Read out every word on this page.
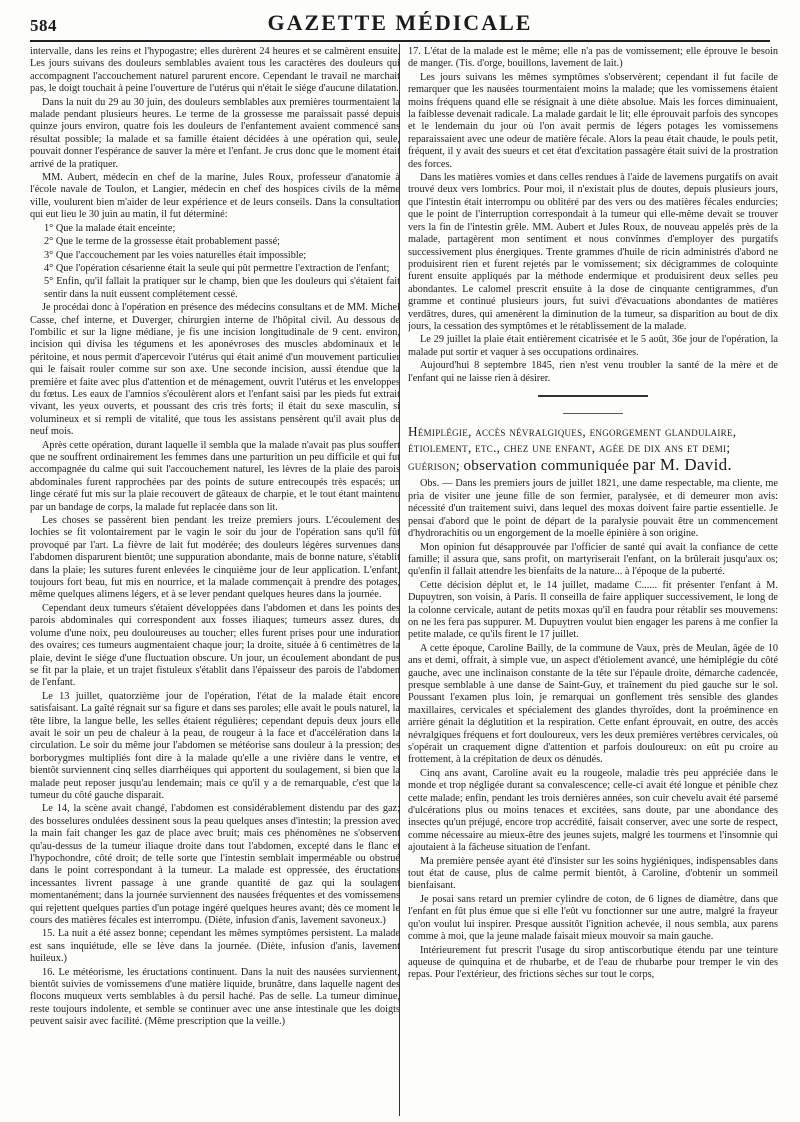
584	GAZETTE MÉDICALE

intervalle, dans les reins et l'hypogastre; elles durèrent 24 heures et se calmèrent ensuite. Les jours suivans des douleurs semblables avaient tous les caractères des douleurs qui accompagnent l'accouchement naturel parurent encore. Cependant le travail ne marchait pas, le doigt touchait à peine l'ouverture de l'utérus qui n'était le siége d'aucune dilatation.

Dans la nuit du 29 au 30 juin, des douleurs semblables aux premières tourmentaient la malade pendant plusieurs heures. Le terme de la grossesse me paraissait passé depuis quinze jours environ, quatre fois les douleurs de l'enfantement avaient commencé sans résultat possible; la malade et sa famille étaient décidées à une opération qui, seule, pouvait donner l'espérance de sauver la mère et l'enfant. Je crus donc que le moment était arrivé de la pratiquer.

MM. Aubert, médecin en chef de la marine, Jules Roux, professeur d'anatomie à l'école navale de Toulon, et Langier, médecin en chef des hospices civils de la même ville, voulurent bien m'aider de leur expérience et de leurs conseils. Dans la consultation qui eut lieu le 30 juin au matin, il fut déterminé:

1° Que la malade était enceinte;

2° Que le terme de la grossesse était probablement passé;

3° Que l'accouchement par les voies naturelles était impossible;

4° Que l'opération césarienne était la seule qui pût permettre l'extraction de l'enfant;

5° Enfin, qu'il fallait la pratiquer sur le champ, bien que les douleurs qui s'étaient fait sentir dans la nuit eussent complétement cessé.

Je procédai donc à l'opération en présence des médecins consultans et de MM. Michel Casse, chef interne, et Duverger, chirurgien interne de l'hôpital civil. Au dessous de l'ombilic et sur la ligne médiane, je fis une incision longitudinale de 9 cent. environ, incision qui divisa les tégumens et les aponévroses des muscles abdominaux et le péritoine, et nous permit d'apercevoir l'utérus qui était animé d'un mouvement particulier qui le faisait rouler comme sur son axe. Une seconde incision, aussi étendue que la première et faite avec plus d'attention et de ménagement, ouvrit l'utérus et les enveloppes du fœtus. Les eaux de l'amnios s'écoulèrent alors et l'enfant saisi par les pieds fut extrait vivant, les yeux ouverts, et poussant des cris très forts; il était du sexe masculin, si volumineux et si rempli de vitalité, que tous les assistans pensèrent qu'il avait plus de neuf mois.

Après cette opération, durant laquelle il sembla que la malade n'avait pas plus souffert que ne souffrent ordinairement les femmes dans une parturition un peu difficile et qui fut accompagnée du calme qui suit l'accouchement naturel, les lèvres de la plaie des parois abdominales furent rapprochées par des points de suture entrecoupés très espacés; un linge cératé fut mis sur la plaie recouvert de gâteaux de charpie, et le tout étant maintenu par un bandage de corps, la malade fut replacée dans son lit.

Les choses se passèrent bien pendant les treize premiers jours. L'écoulement des lochies se fit volontairement par le vagin le soir du jour de l'opération sans qu'il fût provoqué par l'art. La fièvre de lait fut modérée; des douleurs légères survenues dans l'abdomen disparurent bientôt; une suppuration abondante, mais de bonne nature, s'établit dans la plaie; les sutures furent enlevées le cinquième jour de leur application. L'enfant, toujours fort beau, fut mis en nourrice, et la malade commençait à prendre des potages, même quelques alimens légers, et à se lever pendant quelques heures dans la journée.

Cependant deux tumeurs s'étaient développées dans l'abdomen et dans les points des parois abdominales qui correspondent aux fosses iliaques; tumeurs assez dures, du volume d'une noix, peu douloureuses au toucher; elles furent prises pour une induration des ovaires; ces tumeurs augmentaient chaque jour; la droite, située à 6 centimètres de la plaie, devint le siége d'une fluctuation obscure. Un jour, un écoulement abondant de pus se fit par la plaie, et un trajet fistuleux s'établit dans l'épaisseur des parois de l'abdomen de l'enfant.

Le 13 juillet, quatorzième jour de l'opération, l'état de la malade était encore satisfaisant. La gaîté régnait sur sa figure et dans ses paroles; elle avait le pouls naturel, la tête libre, la langue belle, les selles étaient régulières; cependant depuis deux jours elle avait le soir un peu de chaleur à la peau, de rougeur à la face et d'accélération dans la circulation. Le soir du même jour l'abdomen se météorise sans douleur à la pression; des borborygmes multipliés font dire à la malade qu'elle a une rivière dans le ventre, et bientôt surviennent cinq selles diarrhéiques qui apportent du soulagement, si bien que la malade peut reposer jusqu'au lendemain; mais ce qu'il y a de remarquable, c'est que la tumeur du côté gauche disparait.

Le 14, la scène avait changé, l'abdomen est considérablement distendu par des gaz; des bosselures ondulées dessinent sous la peau quelques anses d'intestin; la pression avec la main fait changer les gaz de place avec bruit; mais ces phénomènes ne s'observent qu'au-dessus de la tumeur iliaque droite dans tout l'abdomen, excepté dans le flanc et l'hypochondre, côté droit; de telle sorte que l'intestin semblait imperméable ou obstrué dans le point correspondant à la tumeur. La malade est oppressée, des éructations incessantes livrent passage à une grande quantité de gaz qui la soulagent momentanément; dans la journée surviennent des nausées fréquentes et des vomissemens qui rejettent quelques parties d'un potage ingéré quelques heures avant; dès ce moment le cours des matières fécales est interrompu. (Diète, infusion d'anis, lavement savoneux.)

15. La nuit a été assez bonne; cependant les mêmes symptômes persistent. La malade est sans inquiétude, elle se lève dans la journée. (Diète, infusion d'anis, lavement huileux.)

16. Le météorisme, les éructations continuent. Dans la nuit des nausées surviennent, bientôt suivies de vomissemens d'une matière liquide, brunâtre, dans laquelle nagent des flocons muqueux verts semblables à du persil haché. Pas de selle. La tumeur diminue, reste toujours indolente, et semble se continuer avec une anse intestinale que les doigts peuvent saisir avec facilité. (Même prescription que la veille.)

17. L'état de la malade est le même; elle n'a pas de vomissement; elle éprouve le besoin de manger. (Tis. d'orge, bouillons, lavement de lait.)

Les jours suivans les mêmes symptômes s'observèrent; cependant il fut facile de remarquer que les nausées tourmentaient moins la malade; que les vomissemens étaient moins fréquens quand elle se résignait à une diète absolue. Mais les forces diminuaient, la faiblesse devenait radicale. La malade gardait le lit; elle éprouvait parfois des syncopes et le lendemain du jour où l'on avait permis de légers potages les vomissemens reparaissaient avec une odeur de matière fécale. Alors la peau était chaude, le pouls petit, fréquent, il y avait des sueurs et cet état d'excitation passagère était suivi de la prostration des forces.

Dans les matières vomies et dans celles rendues à l'aide de lavemens purgatifs on avait trouvé deux vers lombrics. Pour moi, il n'existait plus de doutes, depuis plusieurs jours, que l'intestin était interrompu ou oblitéré par des vers ou des matières fécales endurcies; que le point de l'interruption correspondait à la tumeur qui elle-même devait se trouver vers la fin de l'intestin grêle. MM. Aubert et Jules Roux, de nouveau appelés près de la malade, partagèrent mon sentiment et nous convînmes d'employer des purgatifs successivement plus énergiques. Trente grammes d'huile de ricin administrés d'abord ne produisirent rien et furent rejetés par le vomissement; six décigrammes de coloquinte furent ensuite appliqués par la méthode endermique et produisirent deux selles peu abondantes. Le calomel prescrit ensuite à la dose de cinquante centigrammes, d'un gramme et continué plusieurs jours, fut suivi d'évacuations abondantes de matières verdâtres, dures, qui amenèrent la diminution de la tumeur, sa disparition au bout de dix jours, la cessation des symptômes et le rétablissement de la malade.

Le 29 juillet la plaie était entièrement cicatrisée et le 5 août, 36e jour de l'opération, la malade put sortir et vaquer à ses occupations ordinaires.

Aujourd'hui 8 septembre 1845, rien n'est venu troubler la santé de la mère et de l'enfant qui ne laisse rien à désirer.

Hémiplégie, accès névralgiques, engorgement glandulaire, étiolement, etc., chez une enfant, agée de dix ans et demi; guérison; observation communiquée par M. David.

Obs. — Dans les premiers jours de juillet 1821, une dame respectable, ma cliente, me pria de visiter une jeune fille de son fermier, paralysée, et di demeurer mon avis: nécessité d'un traitement suivi, dans lequel des moxas doivent faire partie essentielle. Je pensai d'abord que le point de départ de la paralysie pouvait être un commencement d'hydrorachitis ou un engorgement de la moelle épinière à son origine.

Mon opinion fut désapprouvée par l'officier de santé qui avait la confiance de cette famille; il assura que, sans profit, on martyriserait l'enfant, on la brûlerait jusqu'aux os; qu'enfin il fallait attendre les bienfaits de la nature... à l'époque de la puberté.

Cette décision déplut et, le 14 juillet, madame C...... fit présenter l'enfant à M. Dupuytren, son voisin, à Paris. Il conseilla de faire appliquer successivement, le long de la colonne cervicale, autant de petits moxas qu'il en faudra pour rétablir ses mouvemens: on ne les fera pas suppurer. M. Dupuytren voulut bien engager les parens à me confier la petite malade, ce qu'ils firent le 17 juillet.

A cette époque, Caroline Bailly, de la commune de Vaux, près de Meulan, âgée de 10 ans et demi, offrait, à simple vue, un aspect d'étiolement avancé, une hémiplégie du côté gauche, avec une inclinaison constante de la tête sur l'épaule droite, démarche cadencée, presque semblable à une danse de Saint-Guy, et traînement du pied gauche sur le sol. Poussant l'examen plus loin, je remarquai un gonflement très sensible des glandes maxillaires, cervicales et spécialement des glandes thyroïdes, dont la proéminence en arrière génait la déglutition et la respiration. Cette enfant éprouvait, en outre, des accès névralgiques fréquens et fort douloureux, vers les deux premières vertèbres cervicales, où s'opérait un craquement digne d'attention et parfois douloureux: on eût pu croire au frottement, à la crépitation de deux os dénudés.

Cinq ans avant, Caroline avait eu la rougeole, maladie très peu appréciée dans le monde et trop négligée durant sa convalescence; celle-ci avait été longue et pénible chez cette malade; enfin, pendant les trois dernières années, son cuir chevelu avait été parsemé d'ulcérations plus ou moins tenaces et excitées, sans doute, par une abondance des insectes qu'un préjugé, encore trop accrédité, faisait conserver, avec une sorte de respect, comme nécessaire au mieux-être des jeunes sujets, malgré les tourmens et l'insomnie qui ajoutaient à la fâcheuse situation de l'enfant.

Ma première pensée ayant été d'insister sur les soins hygiéniques, indispensables dans tout état de cause, plus de calme permit bientôt, à Caroline, d'obtenir un sommeil bienfaisant.

Je posai sans retard un premier cylindre de coton, de 6 lignes de diamètre, dans que l'enfant en fût plus émue que si elle l'eût vu fonctionner sur une autre, malgré la frayeur qu'on voulut lui inspirer. Presque aussitôt l'ignition achevée, il nous sembla, aux parens comme à moi, que la jeune malade faisait mieux mouvoir sa main gauche.

Intérieurement fut prescrit l'usage du sirop antiscorbutique étendu par une teinture aqueuse de quinquina et de rhubarbe, et de l'eau de rhubarbe pour tremper le vin des repas. Pour l'extérieur, des frictions sèches sur tout le corps,
